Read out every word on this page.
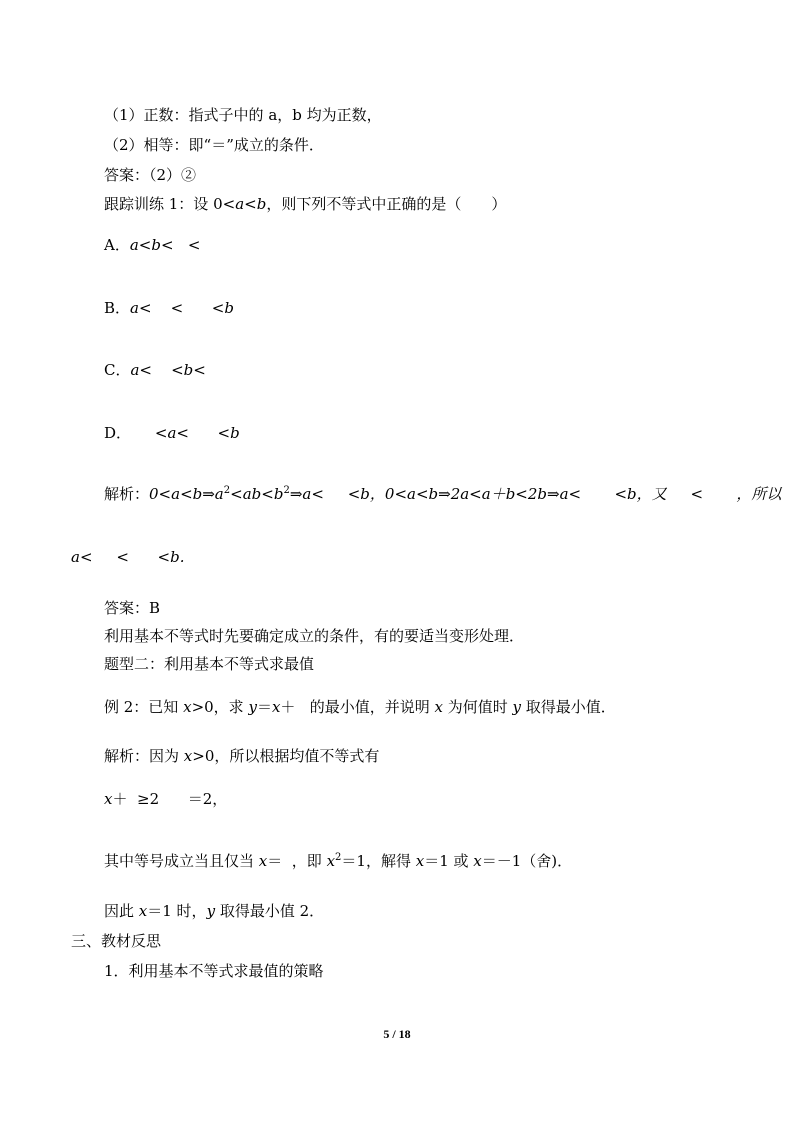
（1）正数：指式子中的 a，b 均为正数，
（2）相等：即“＝”成立的条件．
答案：（2）②
跟踪训练 1：设 0<a<b，则下列不等式中正确的是（　　）
A．a<b<   <
B．a<    <      <b
C．a<    <b<
D．     <a<      <b
解析：$0<a<b\Rightarrow a^2<ab<b^2\Rightarrow a<$     <b，0<a<b⇒2a<a＋b<2b⇒a<       <b，又     <       ，所以
a<     <      <b.
答案：B
利用基本不等式时先要确定成立的条件，有的要适当变形处理．
题型二：利用基本不等式求最值
例 2：已知 x>0，求 y＝x＋   的最小值，并说明 x 为何值时 y 取得最小值．
解析：因为 x>0，所以根据均值不等式有
x＋  ≥2      ＝2，
其中等号成立当且仅当 x＝  ，即 $x^2=1$，解得 x＝1 或 x＝－1（舍)．
因此 x＝1 时，y 取得最小值 2．
三、教材反思
1．利用基本不等式求最值的策略
5 / 18
